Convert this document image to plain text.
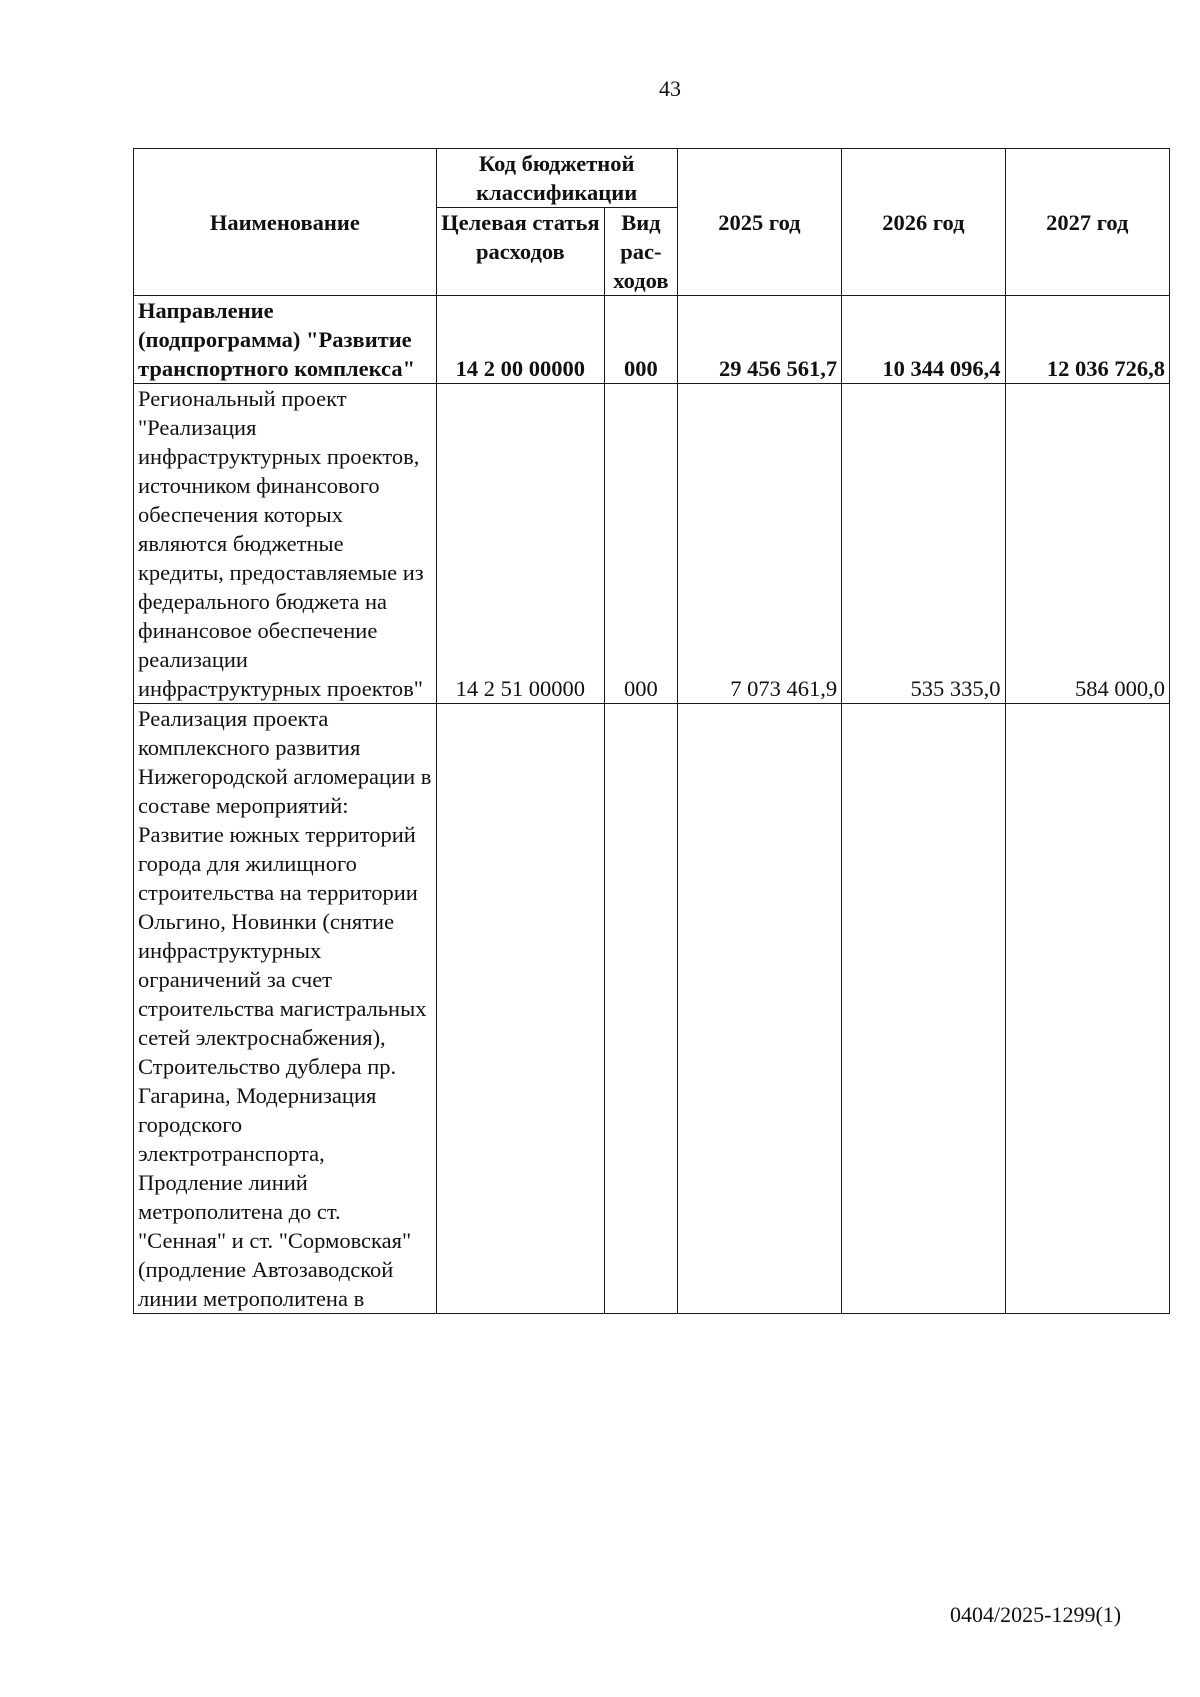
43
Наименование	Код бюджетной классификации		2025 год	2026 год	2027 год
	Целевая статья расходов	Вид рас-ходов			
Направление (подпрограмма) "Развитие транспортного комплекса"	14 2 00 00000	000	29 456 561,7	10 344 096,4	12 036 726,8
Региональный проект "Реализация инфраструктурных проектов, источником финансового обеспечения которых являются бюджетные кредиты, предоставляемые из федерального бюджета на финансовое обеспечение реализации инфраструктурных проектов"	14 2 51 00000	000	7 073 461,9	535 335,0	584 000,0
Реализация проекта комплексного развития Нижегородской агломерации в составе мероприятий: Развитие южных территорий города для жилищного строительства на территории Ольгино, Новинки (снятие инфраструктурных ограничений за счет строительства магистральных сетей электроснабжения), Строительство дублера пр. Гагарина, Модернизация городского электротранспорта, Продление линий метрополитена до ст. "Сенная" и ст. "Сормовская" (продление Автозаводской линии метрополитена в					
0404/2025-1299(1)
